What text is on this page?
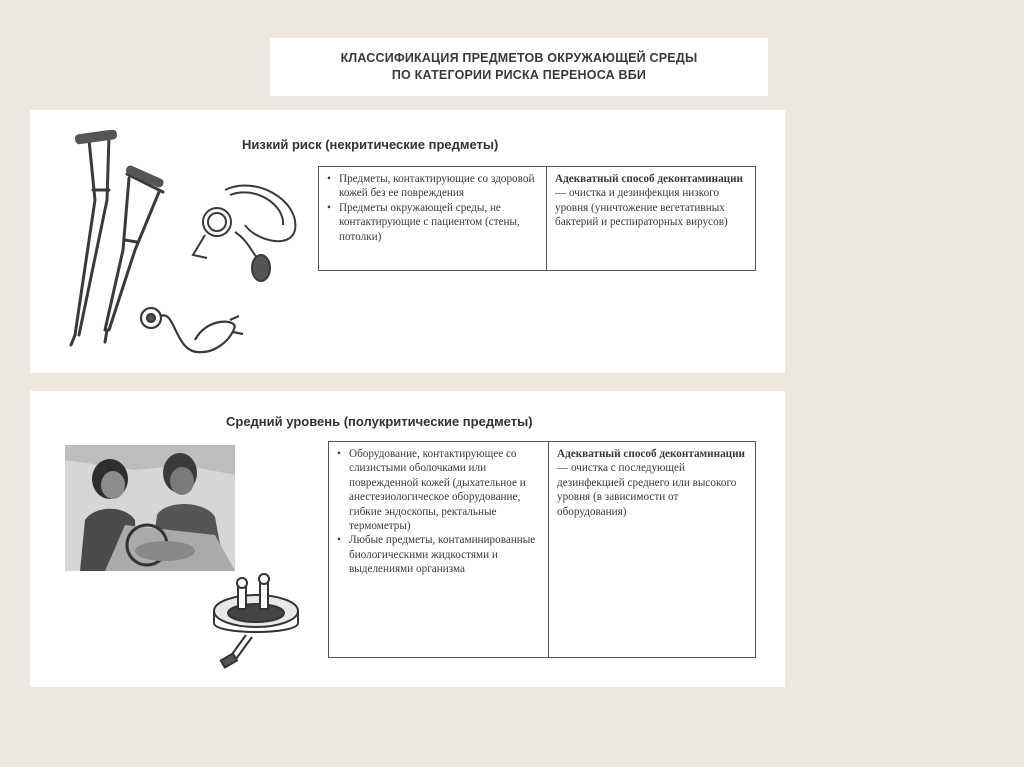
КЛАССИФИКАЦИЯ ПРЕДМЕТОВ ОКРУЖАЮЩЕЙ СРЕДЫ
ПО КАТЕГОРИИ РИСКА ПЕРЕНОСА ВБИ
Низкий риск (некритические предметы)
• Предметы, контактирующие со здоровой кожей без ее повреждения
• Предметы окружающей среды, не контактирующие с пациентом (стены, потолки)
Адекватный способ деконтаминации — очистка и дезинфекция низкого уровня (уничтожение вегетативных бактерий и респираторных вирусов)
Средний уровень (полукритические предметы)
• Оборудование, контактирующее со слизистыми оболочками или поврежденной кожей (дыхательное и анестезиологическое оборудование, гибкие эндоскопы, ректальные термометры)
• Любые предметы, контаминированные биологическими жидкостями и выделениями организма
Адекватный способ деконтаминации — очистка с последующей дезинфекцией среднего или высокого уровня (в зависимости от оборудования)
